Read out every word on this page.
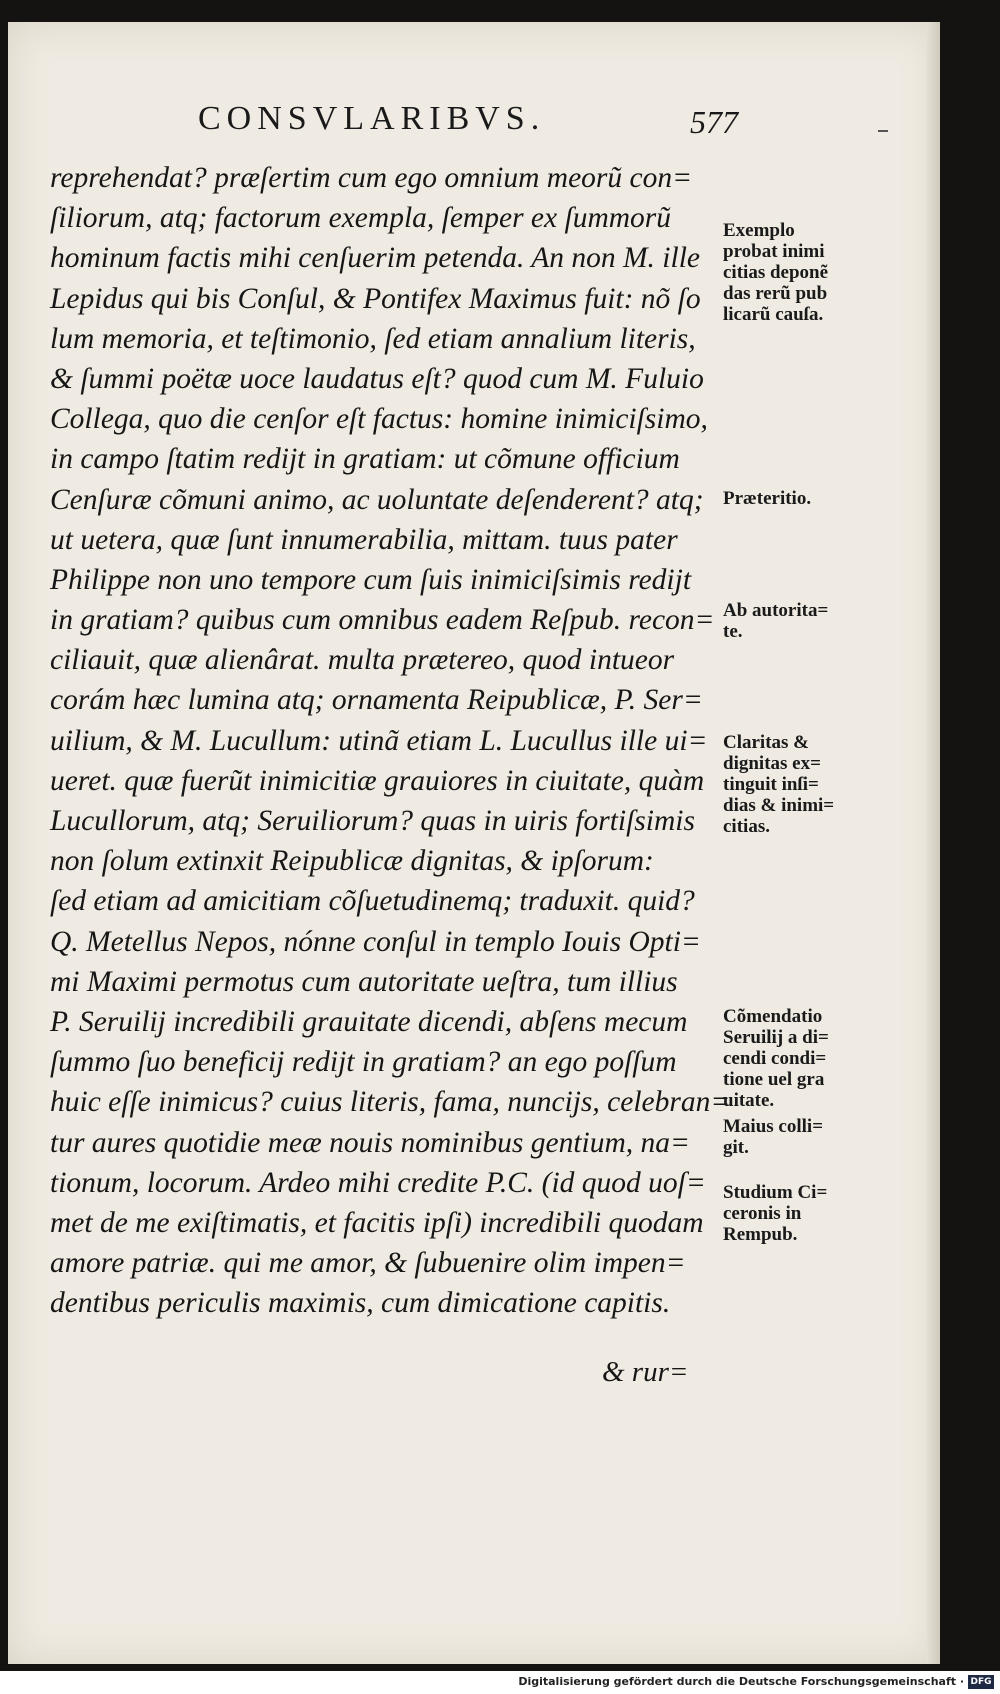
CONSVLARIBVS.	577
reprehendat? præſertim cum ego omnium meorũ con=
ſiliorum, atq; factorum exempla, ſemper ex ſummorũ
hominum factis mihi cenſuerim petenda. An non M. ille
Lepidus qui bis Conſul, & Pontifex Maximus fuit: nõ ſo
lum memoria, et teſtimonio, ſed etiam annalium literis,
& ſummi poëtæ uoce laudatus eſt? quod cum M. Fuluio
Collega, quo die cenſor eſt factus: homine inimiciſsimo,
in campo ſtatim rediјt in gratiam: ut cõmune officium
Cenſuræ cõmuni animo, ac uoluntate deſenderent? atq;
ut uetera, quæ ſunt innumerabilia, mittam. tuus pater
Philippe non uno tempore cum ſuis inimiciſsimis rediјt
in gratiam? quibus cum omnibus eadem Reſpub. recon=
ciliauit, quæ alienârat. multa prætereo, quod intueor
corám hæc lumina atq; ornamenta Reipublicæ, P. Ser=
uilium, & M. Lucullum: utinã etiam L. Lucullus ille ui=
ueret. quæ fuerũt inimicitiæ grauiores in ciuitate, quàm
Lucullorum, atq; Seruiliorum? quas in uiris fortiſsimis
non ſolum extinxit Reipublicæ dignitas, & ipſorum:
ſed etiam ad amicitiam cõſuetudinemq; traduxit. quid?
Q. Metellus Nepos, nónne conſul in templo Iouis Opti=
mi Maximi permotus cum autoritate ueſtra, tum illius
P. Seruilij incredibili grauitate dicendi, abſens mecum
ſummo ſuo beneficij rediјt in gratiam? an ego poſſum
huic eſſe inimicus? cuius literis, fama, nuncijs, celebran=
tur aures quotidie meæ nouis nominibus gentium, na=
tionum, locorum. Ardeo mihi credite P.C. (id quod uoſ=
met de me exiſtimatis, et facitis ipſi) incredibili quodam
amore patriæ. qui me amor, & ſubuenire olim impen=
dentibus periculis maximis, cum dimicatione capitis.
Exemplo
probat inimi
citias deponẽ
das rerũ pub
licarũ cauſa.
Præteritio.
Ab autorita=
te.
Claritas &
dignitas ex=
tinguit inſi=
dias & inimi=
citias.
Cõmendatio
Seruilij a di=
cendi condi=
tione uel gra
uitate.
Maius colli=
git.
Studium Ci=
ceronis in
Rempub.
& rur=
Digitalisierung gefördert durch die Deutsche Forschungsgemeinschaft · DFG
